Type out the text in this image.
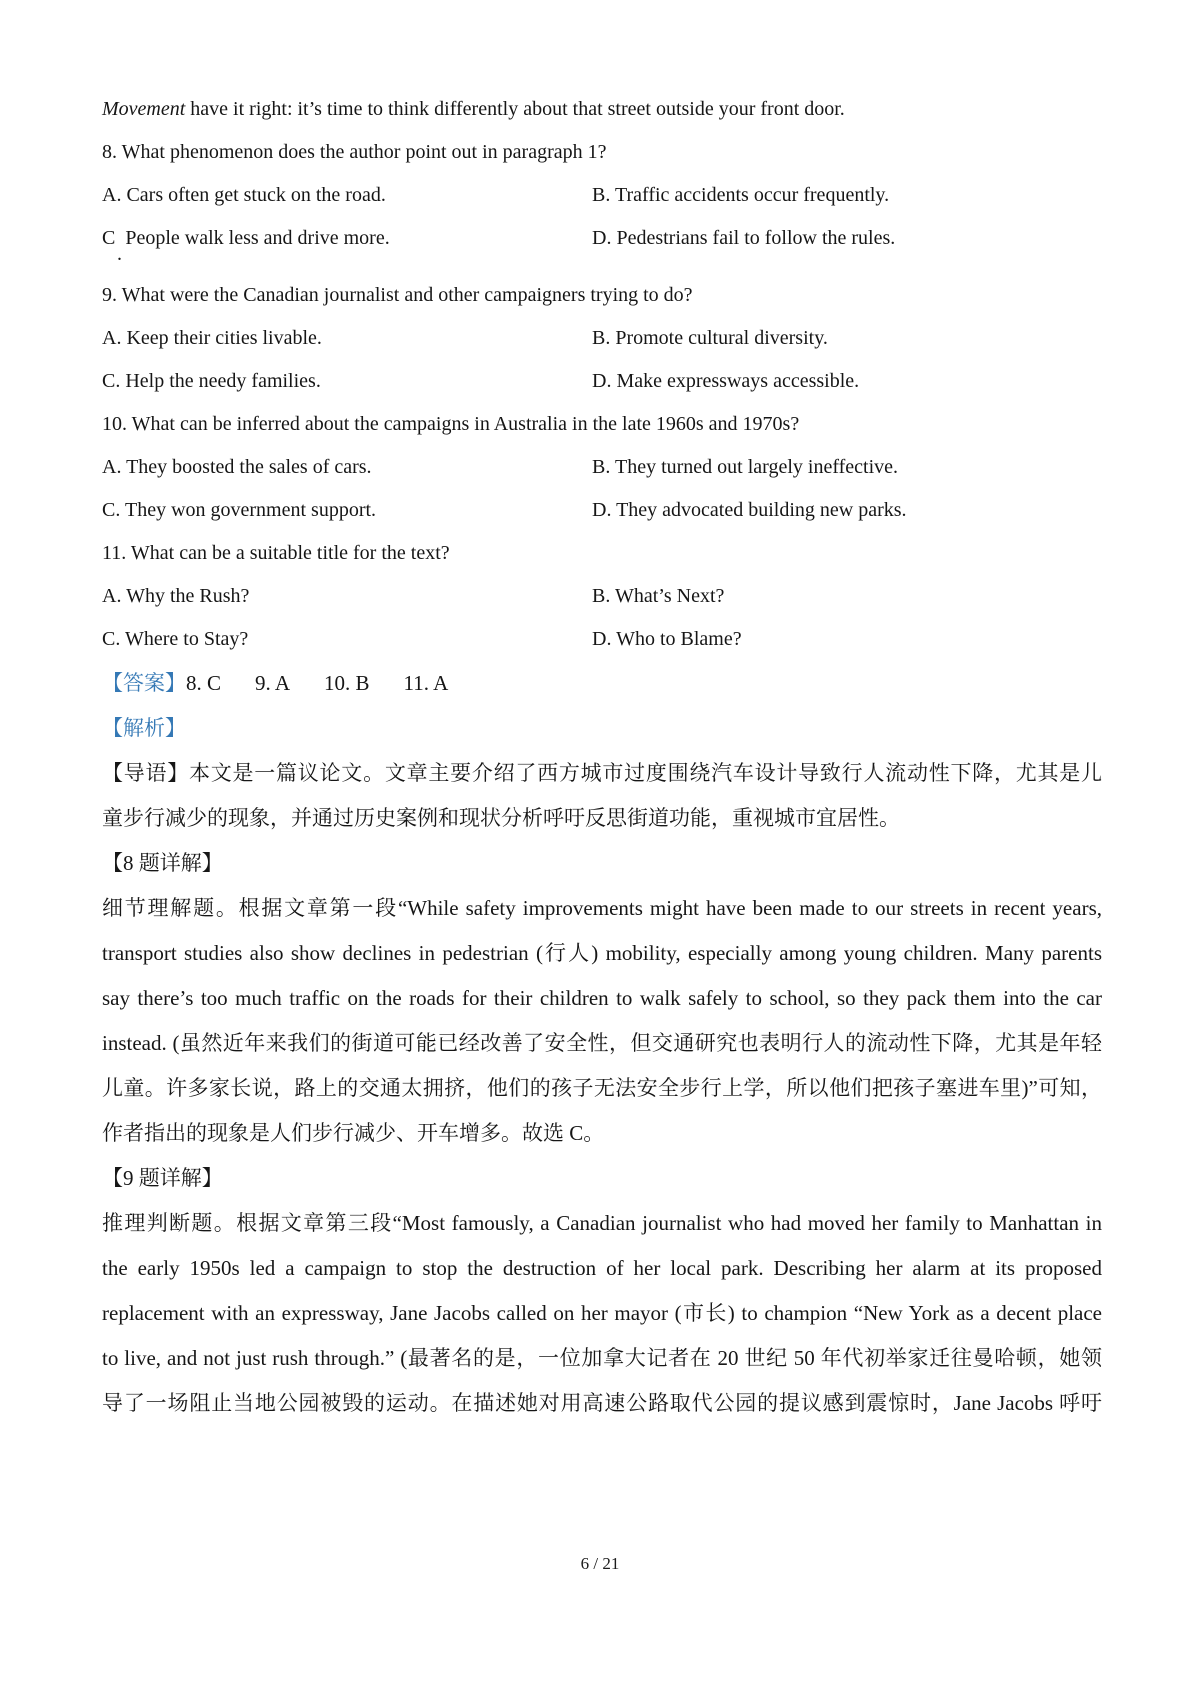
Movement have it right: it’s time to think differently about that street outside your front door.
8. What phenomenon does the author point out in paragraph 1?
A. Cars often get stuck on the road.	B. Traffic accidents occur frequently.
C  People walk less and drive more.	D. Pedestrians fail to follow the rules.
.
9. What were the Canadian journalist and other campaigners trying to do?
A. Keep their cities livable.	B. Promote cultural diversity.
C. Help the needy families.	D. Make expressways accessible.
10. What can be inferred about the campaigns in Australia in the late 1960s and 1970s?
A. They boosted the sales of cars.	B. They turned out largely ineffective.
C. They won government support.	D. They advocated building new parks.
11. What can be a suitable title for the text?
A. Why the Rush?	B. What’s Next?
C. Where to Stay?	D. Who to Blame?
【答案】8. C 9. A 10. B 11. A
【解析】
【导语】本文是一篇议论文。文章主要介绍了西方城市过度围绕汽车设计导致行人流动性下降，尤其是儿
童步行减少的现象，并通过历史案例和现状分析呼吁反思街道功能，重视城市宜居性。
【8 题详解】
细节理解题。根据文章第一段“While safety improvements might have been made to our streets in recent years,
transport studies also show declines in pedestrian (行人) mobility, especially among young children. Many parents
say there’s too much traffic on the roads for their children to walk safely to school, so they pack them into the car
instead. (虽然近年来我们的街道可能已经改善了安全性，但交通研究也表明行人的流动性下降，尤其是年轻
儿童。许多家长说，路上的交通太拥挤，他们的孩子无法安全步行上学，所以他们把孩子塞进车里)”可知，
作者指出的现象是人们步行减少、开车增多。故选 C。
【9 题详解】
推理判断题。根据文章第三段“Most famously, a Canadian journalist who had moved her family to Manhattan in
the early 1950s led a campaign to stop the destruction of her local park. Describing her alarm at its proposed
replacement with an expressway, Jane Jacobs called on her mayor (市长) to champion “New York as a decent place
to live, and not just rush through.” (最著名的是，一位加拿大记者在 20 世纪 50 年代初举家迁往曼哈顿，她领
导了一场阻止当地公园被毁的运动。在描述她对用高速公路取代公园的提议感到震惊时，Jane Jacobs 呼吁
6 / 21
